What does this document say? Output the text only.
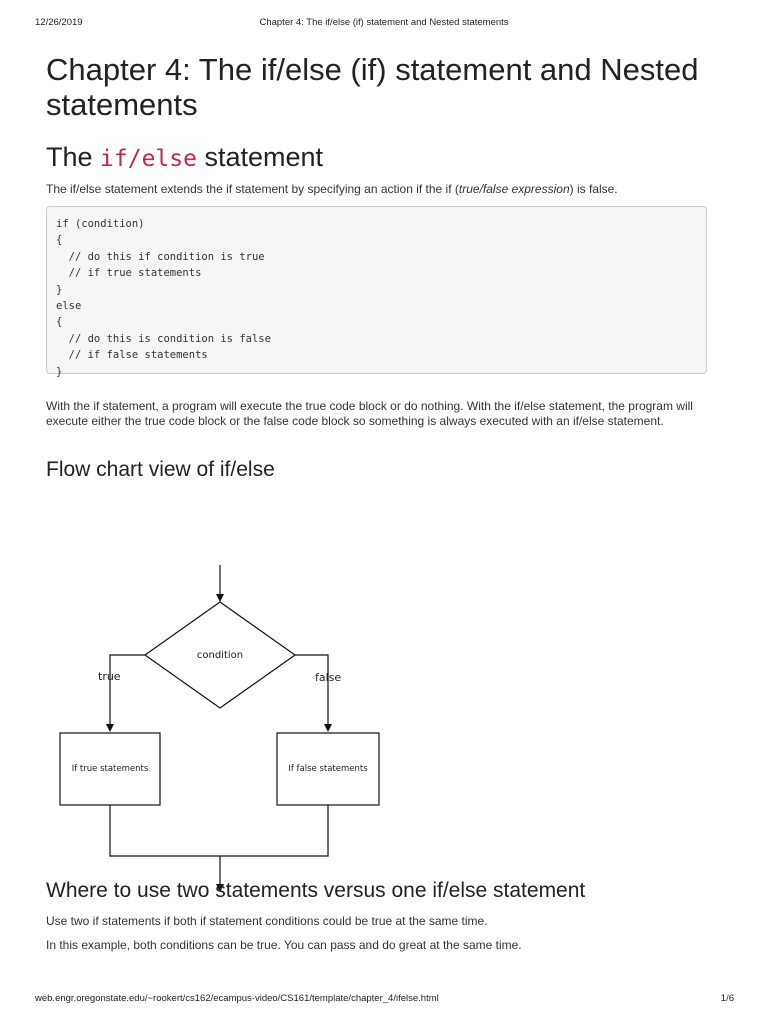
12/26/2019	Chapter 4: The if/else (if) statement and Nested statements
Chapter 4: The if/else (if) statement and Nested statements
The if/else statement

The if/else statement extends the if statement by specifying an action if the if (true/false expression) is false.

if (condition)
{
// do this if condition is true
// if true statements
}
else
{
// do this is condition is false
// if false statements
}

With the if statement, a program will execute the true code block or do nothing. With the if/else statement, the program will execute either the true code block or the false code block so something is always executed with an if/else statement.

Flow chart view of if/else
condition
true	false
If true statements	If false statements
Where to use two statements versus one if/else statement

Use two if statements if both if statement conditions could be true at the same time.

In this example, both conditions can be true. You can pass and do great at the same time.

web.engr.oregonstate.edu/~rookert/cs162/ecampus-video/CS161/template/chapter_4/ifelse.html	1/6
